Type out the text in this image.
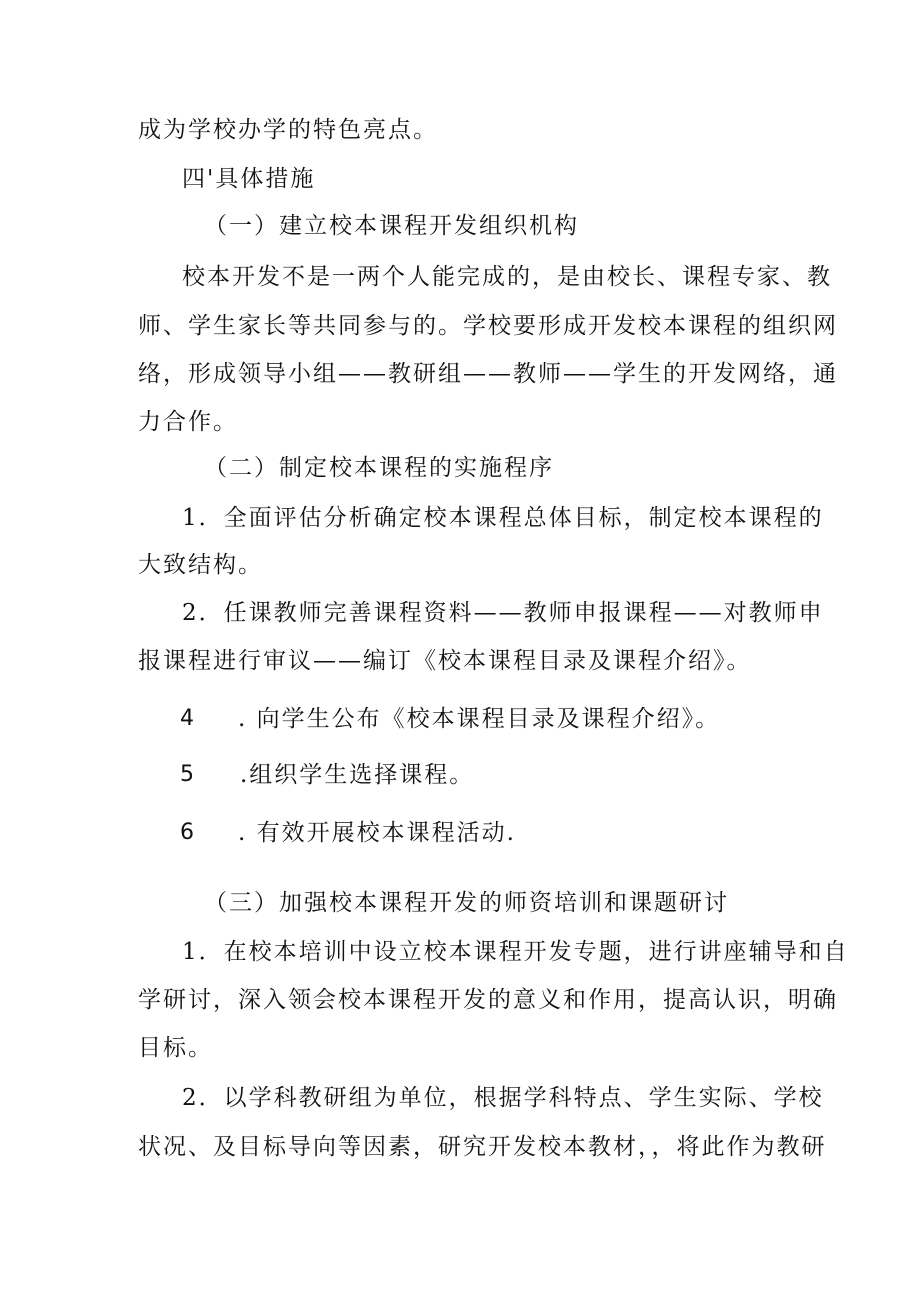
成为学校办学的特色亮点。
四'具体措施
（一）建立校本课程开发组织机构
校本开发不是一两个人能完成的，是由校长、课程专家、教
师、学生家长等共同参与的。学校要形成开发校本课程的组织网
络，形成领导小组——教研组——教师——学生的开发网络，通
力合作。
（二）制定校本课程的实施程序
1．全面评估分析确定校本课程总体目标，制定校本课程的
大致结构。
2．任课教师完善课程资料——教师申报课程——对教师申
报课程进行审议——编订《校本课程目录及课程介绍》。
4 . 向学生公布《校本课程目录及课程介绍》。
5 .组织学生选择课程。
6 . 有效开展校本课程活动.
（三）加强校本课程开发的师资培训和课题研讨
1．在校本培训中设立校本课程开发专题，进行讲座辅导和自
学研讨，深入领会校本课程开发的意义和作用，提高认识，明确
目标。
2．以学科教研组为单位，根据学科特点、学生实际、学校
状况、及目标导向等因素，研究开发校本教材，，将此作为教研
